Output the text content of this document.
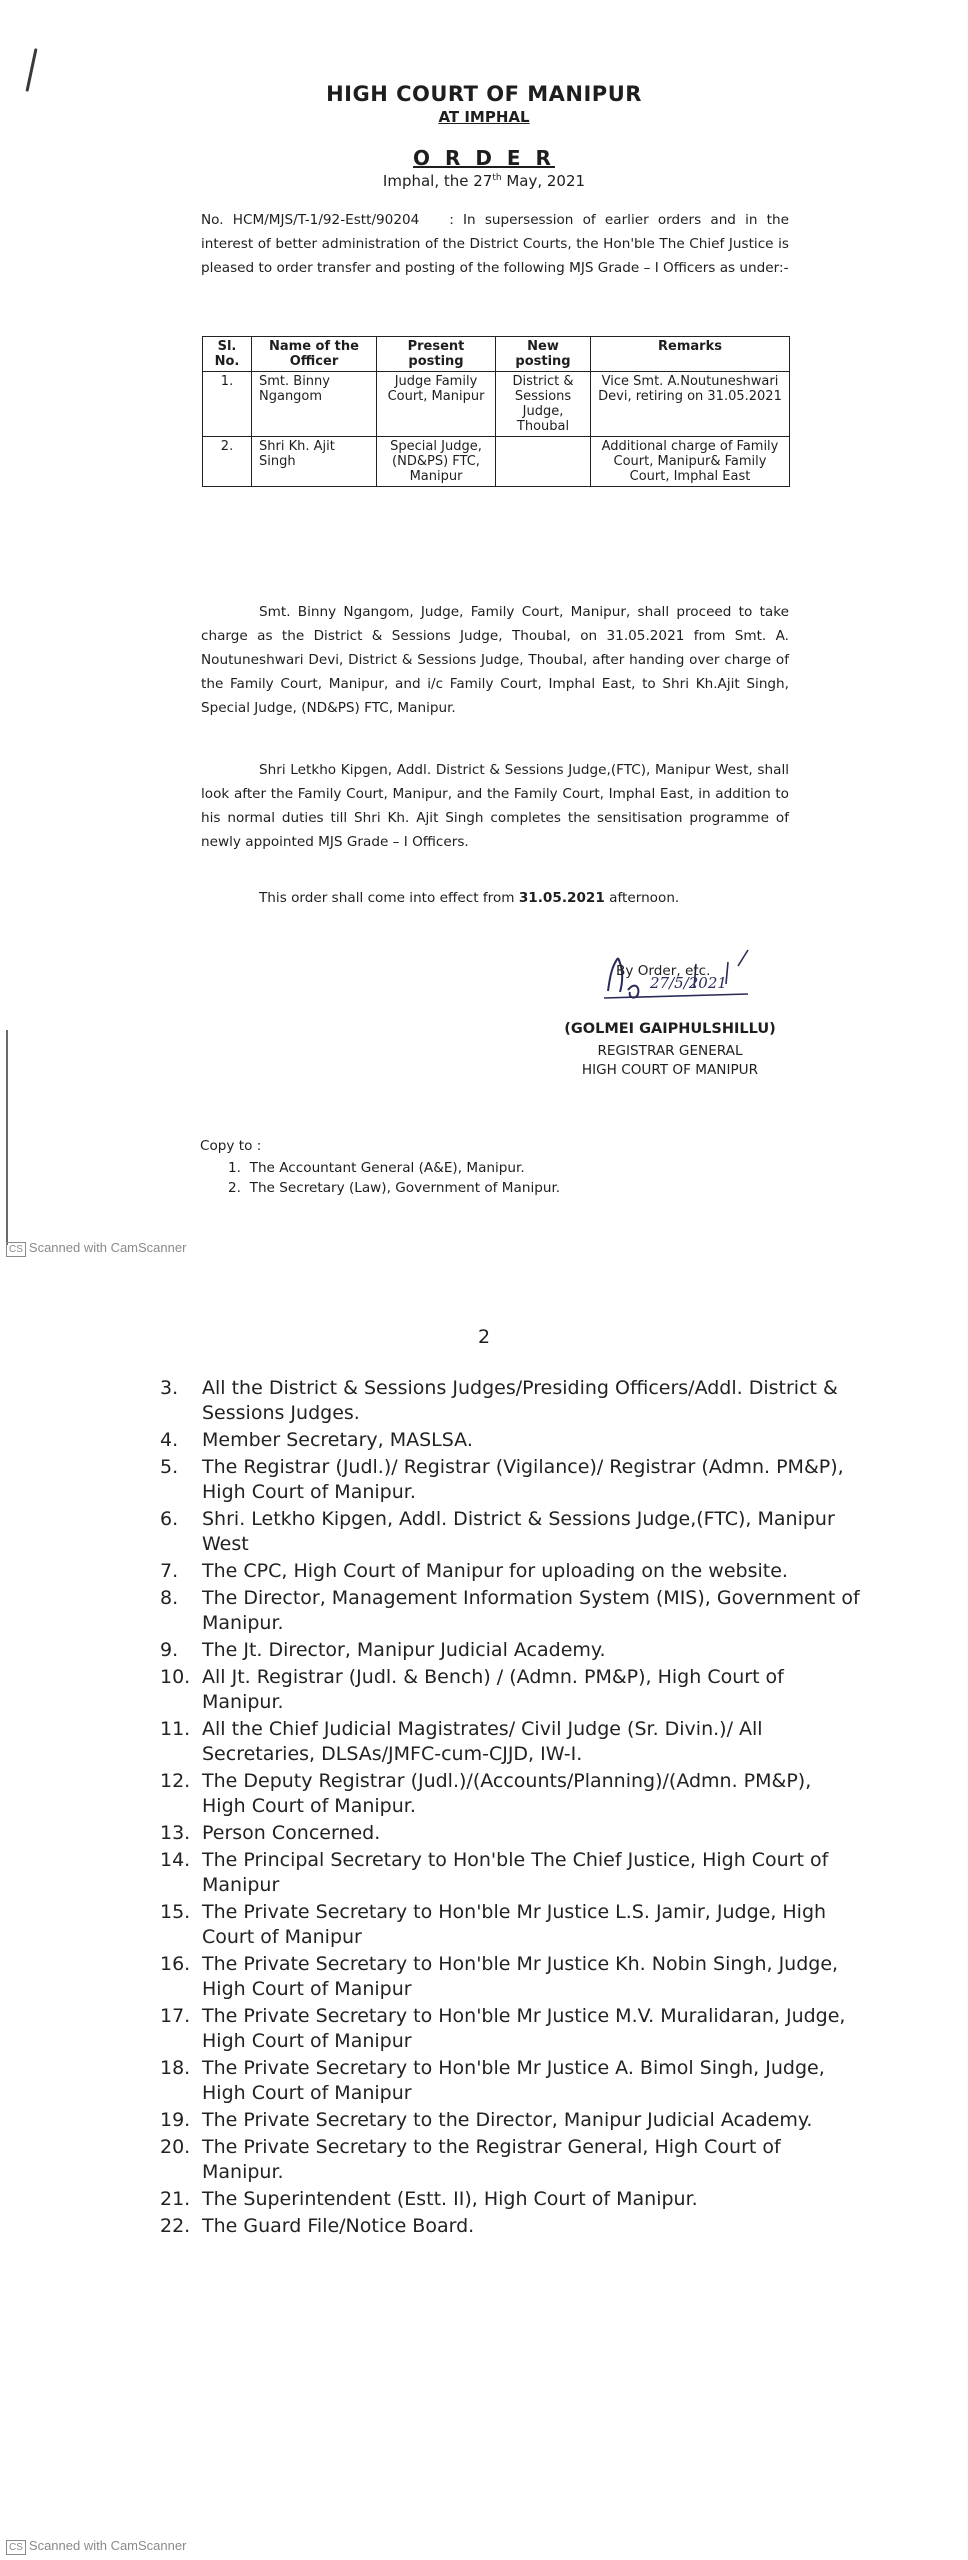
HIGH COURT OF MANIPUR
AT IMPHAL
O R D E R
Imphal, the 27th May, 2021
No. HCM/MJS/T-1/92-Estt/90204 : In supersession of earlier orders and in the interest of better administration of the District Courts, the Hon'ble The Chief Justice is pleased to order transfer and posting of the following MJS Grade – I Officers as under:-
Sl. No.	Name of the Officer	Present posting	New posting	Remarks
1.	Smt. Binny Ngangom	Judge Family Court, Manipur	District & Sessions Judge, Thoubal	Vice Smt. A.Noutuneshwari Devi, retiring on 31.05.2021
2.	Shri Kh. Ajit Singh	Special Judge, (ND&PS) FTC, Manipur		Additional charge of Family Court, Manipur& Family Court, Imphal East

Smt. Binny Ngangom, Judge, Family Court, Manipur, shall proceed to take charge as the District & Sessions Judge, Thoubal, on 31.05.2021 from Smt. A. Noutuneshwari Devi, District & Sessions Judge, Thoubal, after handing over charge of the Family Court, Manipur, and i/c Family Court, Imphal East, to Shri Kh.Ajit Singh, Special Judge, (ND&PS) FTC, Manipur.

Shri Letkho Kipgen, Addl. District & Sessions Judge,(FTC), Manipur West, shall look after the Family Court, Manipur, and the Family Court, Imphal East, in addition to his normal duties till Shri Kh. Ajit Singh completes the sensitisation programme of newly appointed MJS Grade – I Officers.

This order shall come into effect from 31.05.2021 afternoon.

27/5/2021
By Order, etc.
(GOLMEI GAIPHULSHILLU)
REGISTRAR GENERAL
HIGH COURT OF MANIPUR
Copy to :
1. The Accountant General (A&E), Manipur.
2. The Secretary (Law), Government of Manipur.
CS Scanned with CamScanner
2
3. All the District & Sessions Judges/Presiding Officers/Addl. District & Sessions Judges.
4. Member Secretary, MASLSA.
5. The Registrar (Judl.)/ Registrar (Vigilance)/ Registrar (Admn. PM&P), High Court of Manipur.
6. Shri. Letkho Kipgen, Addl. District & Sessions Judge,(FTC), Manipur West
7. The CPC, High Court of Manipur for uploading on the website.
8. The Director, Management Information System (MIS), Government of Manipur.
9. The Jt. Director, Manipur Judicial Academy.
10. All Jt. Registrar (Judl. & Bench) / (Admn. PM&P), High Court of Manipur.
11. All the Chief Judicial Magistrates/ Civil Judge (Sr. Divin.)/ All Secretaries, DLSAs/JMFC-cum-CJJD, IW-I.
12. The Deputy Registrar (Judl.)/(Accounts/Planning)/(Admn. PM&P), High Court of Manipur.
13. Person Concerned.
14. The Principal Secretary to Hon'ble The Chief Justice, High Court of Manipur
15. The Private Secretary to Hon'ble Mr Justice L.S. Jamir, Judge, High Court of Manipur
16. The Private Secretary to Hon'ble Mr Justice Kh. Nobin Singh, Judge, High Court of Manipur
17. The Private Secretary to Hon'ble Mr Justice M.V. Muralidaran, Judge, High Court of Manipur
18. The Private Secretary to Hon'ble Mr Justice A. Bimol Singh, Judge, High Court of Manipur
19. The Private Secretary to the Director, Manipur Judicial Academy.
20. The Private Secretary to the Registrar General, High Court of Manipur.
21. The Superintendent (Estt. II), High Court of Manipur.
22. The Guard File/Notice Board.
CS Scanned with CamScanner
